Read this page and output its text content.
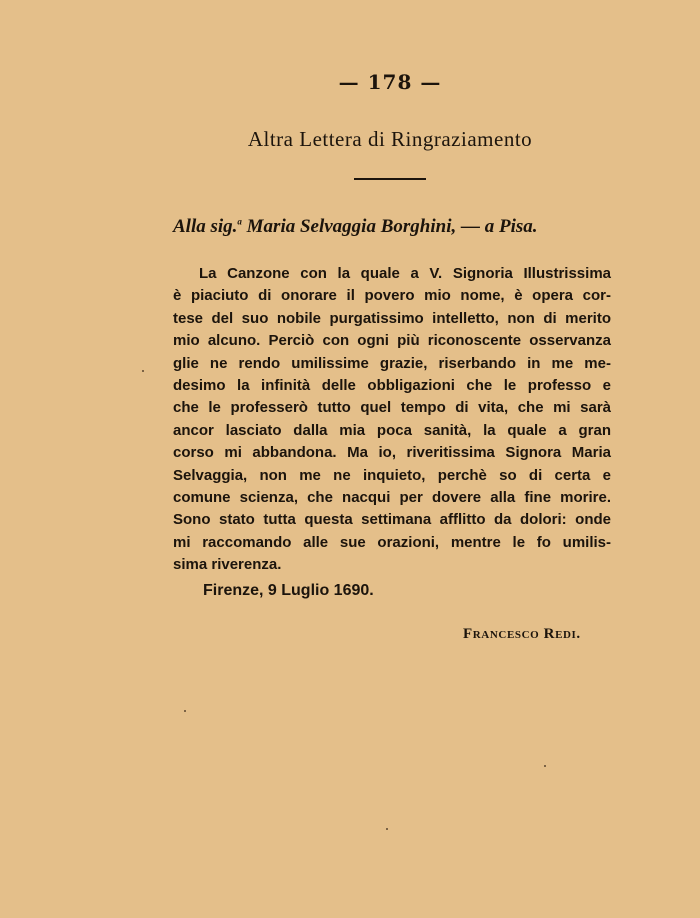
— 178 —
Altra Lettera di Ringraziamento
Alla sig.$^a$ Maria Selvaggia Borghini, — a Pisa.
La Canzone con la quale a V. Signoria Illustrissima
è piaciuto di onorare il povero mio nome, è opera cor-
tese del suo nobile purgatissimo intelletto, non di merito
mio alcuno. Perciò con ogni più riconoscente osservanza
glie ne rendo umilissime grazie, riserbando in me me-
desimo la infinità delle obbligazioni che le professo e
che le professerò tutto quel tempo di vita, che mi sarà
ancor lasciato dalla mia poca sanità, la quale a gran
corso mi abbandona. Ma io, riveritissima Signora Maria
Selvaggia, non me ne inquieto, perchè so di certa e
comune scienza, che nacqui per dovere alla fine morire.
Sono stato tutta questa settimana afflitto da dolori: onde
mi raccomando alle sue orazioni, mentre le fo umilis-
sima riverenza.
Firenze, 9 Luglio 1690.
Francesco Redi.
